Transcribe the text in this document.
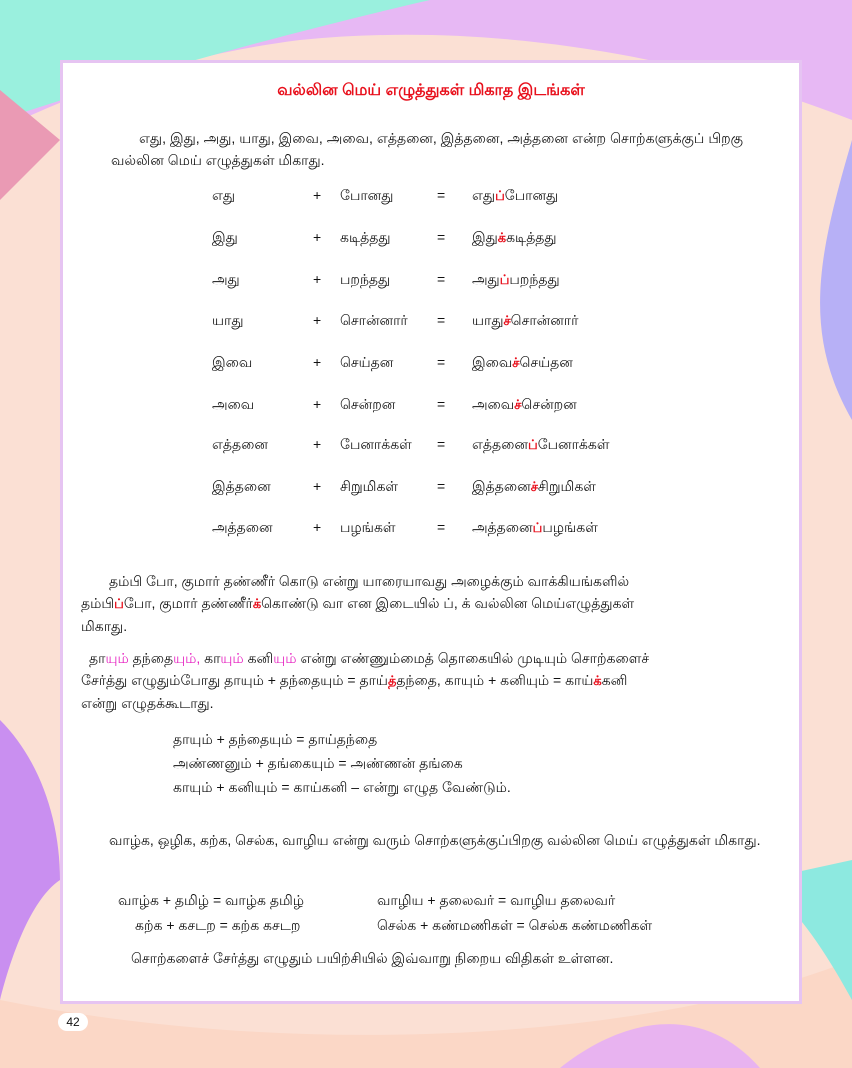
வல்லின மெய் எழுத்துகள் மிகாத இடங்கள்
எது, இது, அது, யாது, இவை, அவை, எத்தனை, இத்தனை, அத்தனை என்ற சொற்களுக்குப் பிறகு வல்லின மெய் எழுத்துகள் மிகாது.
எது	+ போனது	= எதுப்போனது
இது	+ கடித்தது	= இதுக்கடித்தது
அது	+ பறந்தது	= அதுப்பறந்தது
யாது	+ சொன்னார் = யாதுச்சொன்னார்
இவை	+ செய்தன	= இவைச்செய்தன
அவை	+ சென்றன	= அவைச்சென்றன
எத்தனை	+ பேனாக்கள் = எத்தனைப்பேனாக்கள்
இத்தனை	+ சிறுமிகள்	= இத்தனைச்சிறுமிகள்
அத்தனை	+ பழங்கள்	= அத்தனைப்பழங்கள்
தம்பி போ, குமார் தண்ணீர் கொடு என்று யாரையாவது அழைக்கும் வாக்கியங்களில்
தம்பிப்போ, குமார் தண்ணீர்க்கொண்டு வா என இடையில் ப், க் வல்லின மெய்எழுத்துகள்
மிகாது.
தாயும் தந்தையும், காயும் கனியும் என்று எண்ணும்மைத் தொகையில் முடியும் சொற்களைச்
சேர்த்து எழுதும்போது தாயும் + தந்தையும் = தாய்த்தந்தை, காயும் + கனியும் = காய்க்கனி
என்று எழுதக்கூடாது.
தாயும் + தந்தையும் = தாய்தந்தை
அண்ணனும் + தங்கையும் = அண்ணன் தங்கை
காயும் + கனியும் = காய்கனி – என்று எழுத வேண்டும்.
வாழ்க, ஒழிக, கற்க, செல்க, வாழிய என்று வரும் சொற்களுக்குப்பிறகு வல்லின மெய் எழுத்துகள் மிகாது.
வாழ்க + தமிழ் = வாழ்க தமிழ்	வாழிய + தலைவர் = வாழிய தலைவர்
கற்க + கசடற = கற்க கசடற	செல்க + கண்மணிகள் = செல்க கண்மணிகள்
சொற்களைச் சேர்த்து எழுதும் பயிற்சியில் இவ்வாறு நிறைய விதிகள் உள்ளன.
42
